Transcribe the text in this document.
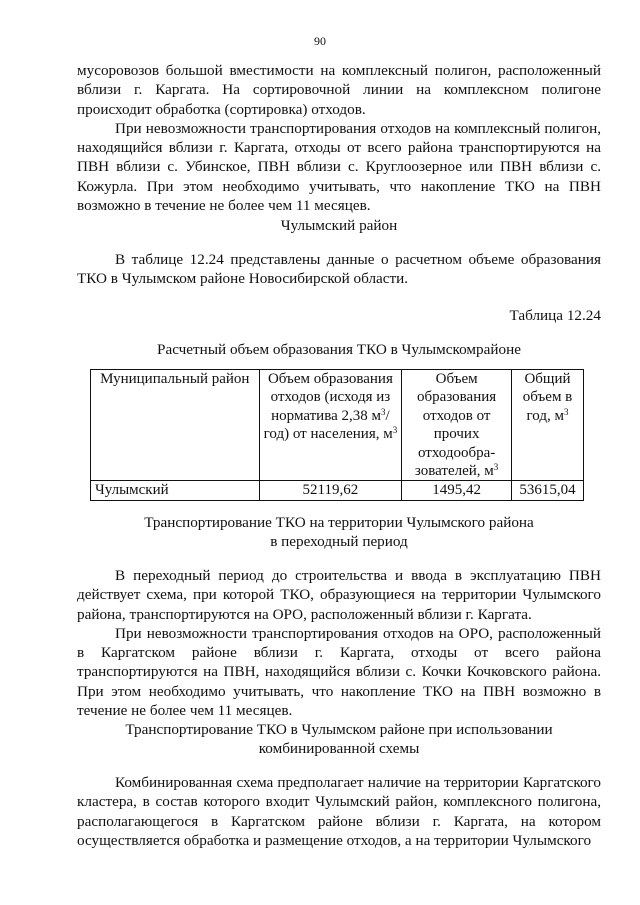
90

мусоровозов большой вместимости на комплексный полигон, расположенный вблизи г. Каргата. На сортировочной линии на комплексном полигоне происходит обработка (сортировка) отходов.

При невозможности транспортирования отходов на комплексный полигон, находящийся вблизи г. Каргата, отходы от всего района транспортируются на ПВН вблизи с. Убинское, ПВН вблизи с. Круглоозерное или ПВН вблизи с. Кожурла. При этом необходимо учитывать, что накопление ТКО на ПВН возможно в течение не более чем 11 месяцев.

Чулымский район

В таблице 12.24 представлены данные о расчетном объеме образования ТКО в Чулымском районе Новосибирской области.

Таблица 12.24

Расчетный объем образования ТКО в Чулымскомрайоне

Муниципальный район	Объем образования отходов (исходя из норматива 2,38 $м^3/год$) от населения, $м^3$	Объем образования отходов от прочих отходообра-зователей, $м^3$	Общий объем в год, $м^3$
Чулымский	52119,62	1495,42	53615,04

Транспортирование ТКО на территории Чулымского района

в переходный период

В переходный период до строительства и ввода в эксплуатацию ПВН действует схема, при которой ТКО, образующиеся на территории Чулымского района, транспортируются на ОРО, расположенный вблизи г. Каргата.

При невозможности транспортирования отходов на ОРО, расположенный в Каргатском районе вблизи г. Каргата, отходы от всего района транспортируются на ПВН, находящийся вблизи с. Кочки Кочковского района. При этом необходимо учитывать, что накопление ТКО на ПВН возможно в течение не более чем 11 месяцев.

Транспортирование ТКО в Чулымском районе при использовании

комбинированной схемы

Комбинированная схема предполагает наличие на территории Каргатского кластера, в состав которого входит Чулымский район, комплексного полигона, располагающегося в Каргатском районе вблизи г. Каргата, на котором осуществляется обработка и размещение отходов, а на территории Чулымского
